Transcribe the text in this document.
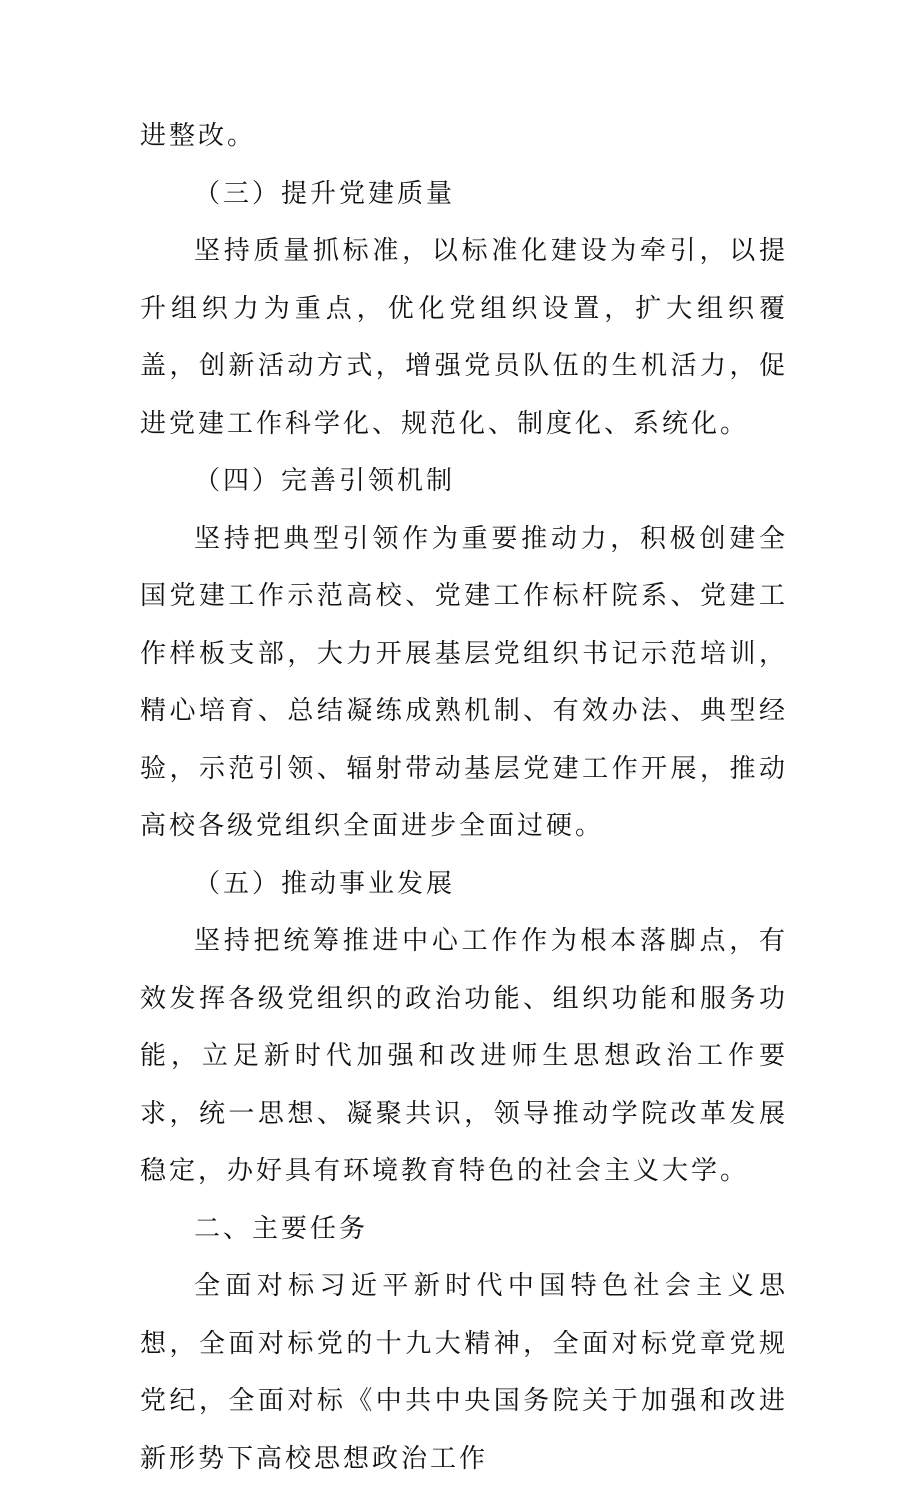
进整改。

（三）提升党建质量

坚持质量抓标准，以标准化建设为牵引，以提升组织力为重点，优化党组织设置，扩大组织覆盖，创新活动方式，增强党员队伍的生机活力，促进党建工作科学化、规范化、制度化、系统化。

（四）完善引领机制

坚持把典型引领作为重要推动力，积极创建全国党建工作示范高校、党建工作标杆院系、党建工作样板支部，大力开展基层党组织书记示范培训，精心培育、总结凝练成熟机制、有效办法、典型经验，示范引领、辐射带动基层党建工作开展，推动高校各级党组织全面进步全面过硬。

（五）推动事业发展

坚持把统筹推进中心工作作为根本落脚点，有效发挥各级党组织的政治功能、组织功能和服务功能，立足新时代加强和改进师生思想政治工作要求，统一思想、凝聚共识，领导推动学院改革发展稳定，办好具有环境教育特色的社会主义大学。

二、主要任务

全面对标习近平新时代中国特色社会主义思想，全面对标党的十九大精神，全面对标党章党规党纪，全面对标《中共中央国务院关于加强和改进新形势下高校思想政治工作
